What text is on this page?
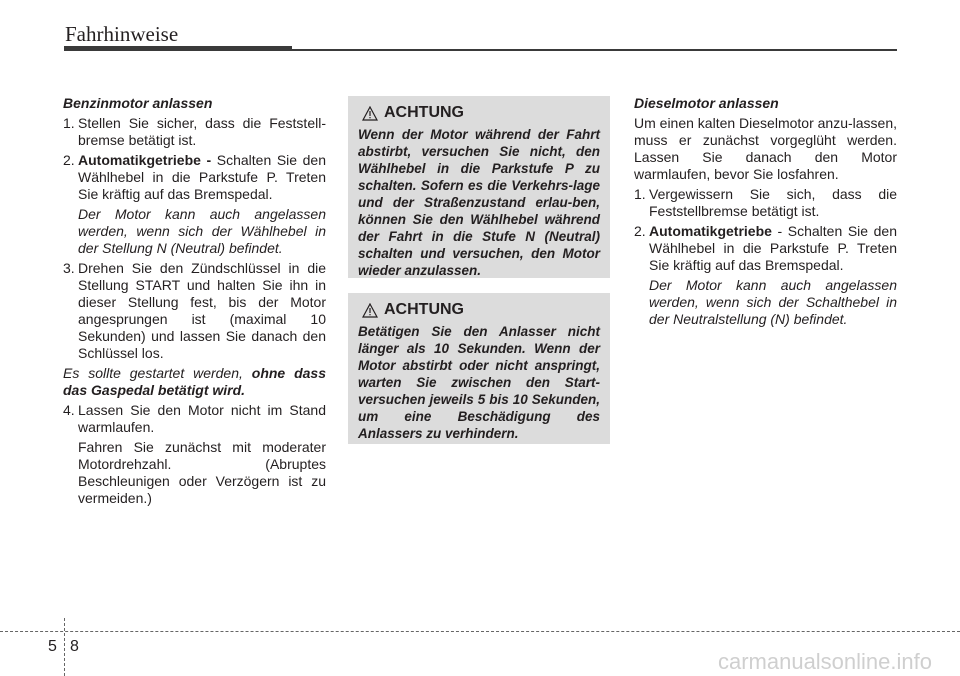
Fahrhinweise
Benzinmotor anlassen
1. Stellen Sie sicher, dass die Feststell-bremse betätigt ist.
2. Automatikgetriebe - Schalten Sie den Wählhebel in die Parkstufe P. Treten Sie kräftig auf das Bremspedal.
Der Motor kann auch angelassen werden, wenn sich der Wählhebel in der Stellung N (Neutral) befindet.
3. Drehen Sie den Zündschlüssel in die Stellung START und halten Sie ihn in dieser Stellung fest, bis der Motor angesprungen ist (maximal 10 Sekunden) und lassen Sie danach den Schlüssel los.
Es sollte gestartet werden, ohne dass das Gaspedal betätigt wird.
4. Lassen Sie den Motor nicht im Stand warmlaufen.
Fahren Sie zunächst mit moderater Motordrehzahl. (Abruptes Beschleunigen oder Verzögern ist zu vermeiden.)
ACHTUNG
Wenn der Motor während der Fahrt abstirbt, versuchen Sie nicht, den Wählhebel in die Parkstufe P zu schalten. Sofern es die Verkehrs-lage und der Straßenzustand erlau-ben, können Sie den Wählhebel während der Fahrt in die Stufe N (Neutral) schalten und versuchen, den Motor wieder anzulassen.
ACHTUNG
Betätigen Sie den Anlasser nicht länger als 10 Sekunden. Wenn der Motor abstirbt oder nicht anspringt, warten Sie zwischen den Start-versuchen jeweils 5 bis 10 Sekunden, um eine Beschädigung des Anlassers zu verhindern.
Dieselmotor anlassen
Um einen kalten Dieselmotor anzu-lassen, muss er zunächst vorgeglüht werden. Lassen Sie danach den Motor warmlaufen, bevor Sie losfahren.
1. Vergewissern Sie sich, dass die Feststellbremse betätigt ist.
2. Automatikgetriebe - Schalten Sie den Wählhebel in die Parkstufe P. Treten Sie kräftig auf das Bremspedal.
Der Motor kann auch angelassen werden, wenn sich der Schalthebel in der Neutralstellung (N) befindet.
5 8
carmanualsonline.info
